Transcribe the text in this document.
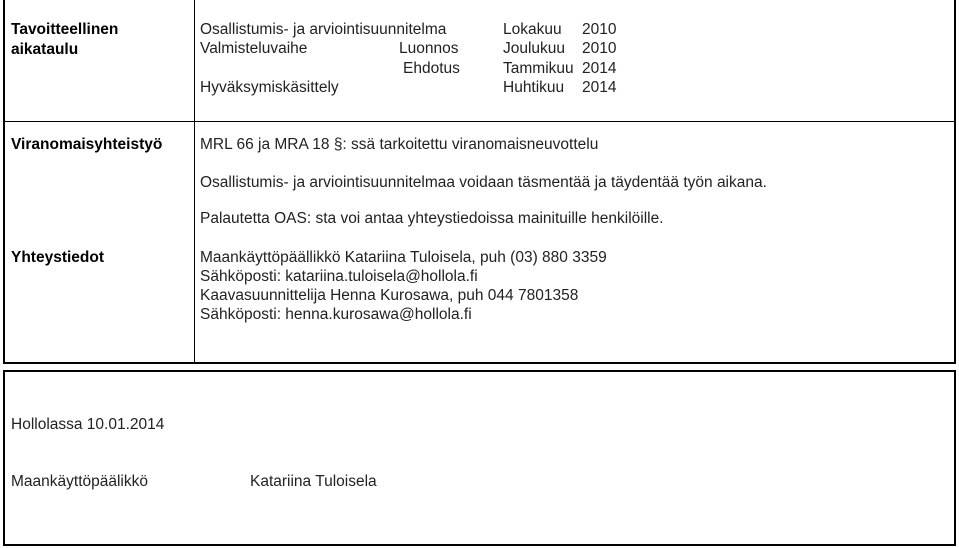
Tavoitteellinen
aikataulu
Osallistumis- ja arviointisuunnitelma	Lokakuu 2010
Valmisteluvaihe	Luonnos	Joulukuu 2010
Ehdotus	Tammikuu 2014
Hyväksymiskäsittely	Huhtikuu 2014
Viranomaisyhteistyö MRL 66 ja MRA 18 §: ssä tarkoitettu viranomaisneuvottelu
Osallistumis- ja arviointisuunnitelmaa voidaan täsmentää ja täydentää työn aikana.
Palautetta OAS: sta voi antaa yhteystiedoissa mainituille henkilöille.
Yhteystiedot	Maankäyttöpäällikkö Katariina Tuloisela, puh (03) 880 3359
Sähköposti: katariina.tuloisela@hollola.fi
Kaavasuunnittelija Henna Kurosawa, puh 044 7801358
Sähköposti: henna.kurosawa@hollola.fi
Hollolassa 10.01.2014
Maankäyttöpäälikkö	Katariina Tuloisela
